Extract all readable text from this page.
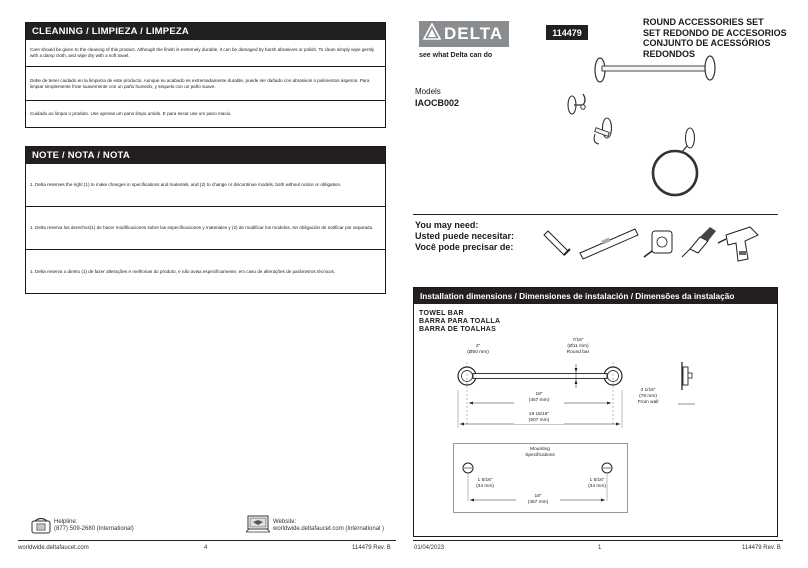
CLEANING / LIMPIEZA / LIMPEZA
Care should be given to the cleaning of this product. Although the finish is extremely durable, it can be damaged by harsh abrasives or polish. To clean simply wipe gently with a damp cloth, and wipe dry with a soft towel.
Debe de tener cuidado en la limpieza de este producto. Aunque su acabado es extremadamente durable, puede ser dañado con abrasivos o pulimentos ásperos. Para limpiar simplemente frote suavemente con un paño humedo, y séquelo con un paño suave.
Cuidado ao limpar o produto. Use apenas um pano limpo umido. E para secar use um pano macio.
NOTE / NOTA / NOTA
1. Delta reserves the right (1) to make changes in specifications and materials, and (2) to change or discontinue models, both without notice or obligation.
1. Delta reserva los derechos(1) de hacer modificaciones sobre las especificaciones y materiales y (2) de modificar los modelos, sin obligación de notificar por separado.
1. Delta reserva o direito (1) de fazer alterações e melhorias do produto, e não avisa especificamente, em caso de alterações de parâmetros técnicos.
Helpline:
(877) 509-2680 (International)
Website:
worldwide.deltafaucet.com (International )
worldwide.deltafaucet.com	4	114479 Rev. B
DELTA
see what Delta can do
114479
ROUND ACCESSORIES SET
SET REDONDO DE ACCESORIOS
CONJUNTO DE ACESSÓRIOS
REDONDOS
Models
IAOCB002
You may need:
Usted puede necesitar:
Você pode precisar de:
Installation dimensions / Dimensiones de instalación / Dimensões da instalação
TOWEL BAR
BARRA PARA TOALLA
BARRA DE TOALHAS
2"
(Ø50 mm)
7/16"
(Ø11 mm)
Round bar
18"
(457 mm)
19 15/16"
(507 mm)
3 1/16"
(78 mm)
From wall
Mounting
Specifications
1 5/16"
(34 mm)
1 5/16"
(34 mm)
18"
(457 mm)
01/04/2023	1	114479 Rev. B
